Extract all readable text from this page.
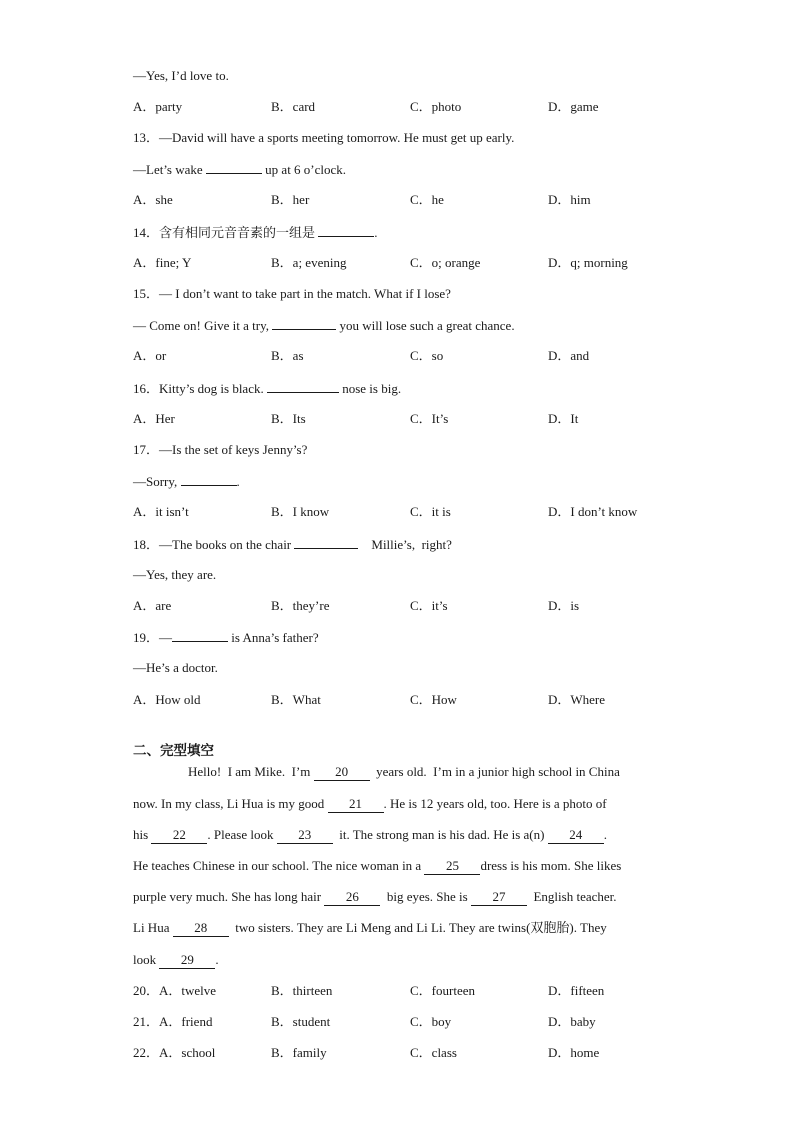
—Yes, I’d love to.
A．party	B．card	C．photo	D．game
13．—David will have a sports meeting tomorrow. He must get up early.
—Let’s wake	up at 6 o’clock.
A．she	B．her	C．he	D．him
14．含有相同元音音素的一组是	.
A．fine; Y	B．a; evening	C．o; orange	D．q; morning
15．— I don’t want to take part in the match. What if I lose?
— Come on! Give it a try,	you will lose such a great chance.
A．or	B．as	C．so	D．and
16．Kitty’s dog is black.	nose is big.
A．Her	B．Its	C．It’s	D．It
17．—Is the set of keys Jenny’s?
—Sorry,	.
A．it isn’t	B．I know	C．it is	D．I don’t know
18．—The books on the chair	Millie’s,  right?
—Yes, they are.
A．are	B．they’re	C．it’s	D．is
19．—	is Anna’s father?
—He’s a doctor.
A．How old	B．What	C．How	D．Where
二、完型填空
Hello!  I am Mike.  I’m 20  years old.  I’m in a junior high school in China
now. In my class, Li Hua is my good 21 . He is 12 years old, too. Here is a photo of
his 22 . Please look 23  it. The strong man is his dad. He is a(n) 24 .
He teaches Chinese in our school. The nice woman in a 25 dress is his mom. She likes
purple very much. She has long hair 26  big eyes. She is 27  English teacher.
Li Hua 28  two sisters. They are Li Meng and Li Li. They are twins(双胞胎). They
look 29 .
20．A．twelve	B．thirteen	C．fourteen	D．fifteen
21．A．friend	B．student	C．boy	D．baby
22．A．school	B．family	C．class	D．home
